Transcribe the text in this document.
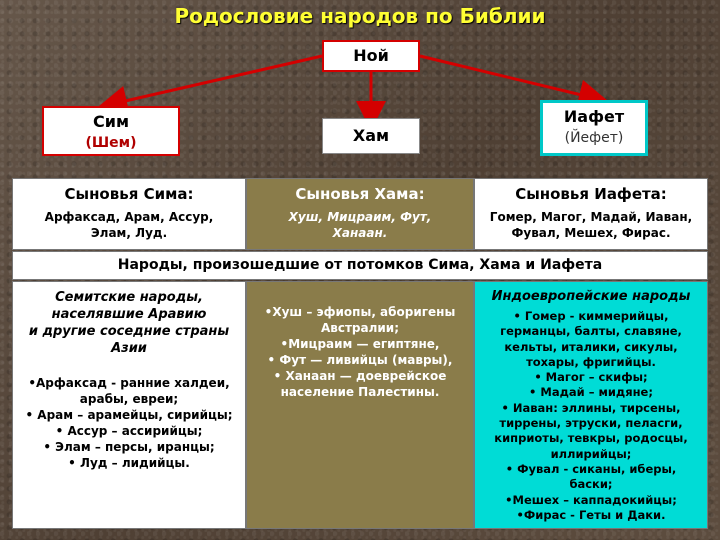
Родословие народов по Библии
Ной
Сим
(Шем)	Хам
Иафет
(Йефет)
Сыновья Сима:
Арфаксад, Арам, Ассур,
Элам, Луд.
Сыновья Хама:
Хуш, Мицраим, Фут,
Ханаан.
Сыновья Иафета:
Гомер, Магог, Мадай, Иаван,
Фувал, Мешех, Фирас.
Народы, произошедшие от потомков Сима, Хама и Иафета
Семитские народы,
населявшие Аравию
и другие соседние страны
Азии
•Арфаксад - ранние халдеи,
арабы, евреи;
• Арам – арамейцы, сирийцы;
• Ассур – ассирийцы;
• Элам – персы, иранцы;
• Луд – лидийцы.
•Хуш – эфиопы, аборигены
Австралии;
•Мицраим — египтяне,
• Фут — ливийцы (мавры),
• Ханаан — доеврейское
население Палестины.
Индоевропейские народы
• Гомер - киммерийцы,
германцы, балты, славяне,
кельты, италики, сикулы,
тохары, фригийцы.
• Магог – скифы;
• Мадай – мидяне;
• Иаван: эллины, тирсены,
тиррены, этруски, пеласги,
киприоты, тевкры, родосцы,
иллирийцы;
• Фувал - сиканы, иберы,
баски;
•Мешех – каппадокийцы;
•Фирас - Геты и Даки.
